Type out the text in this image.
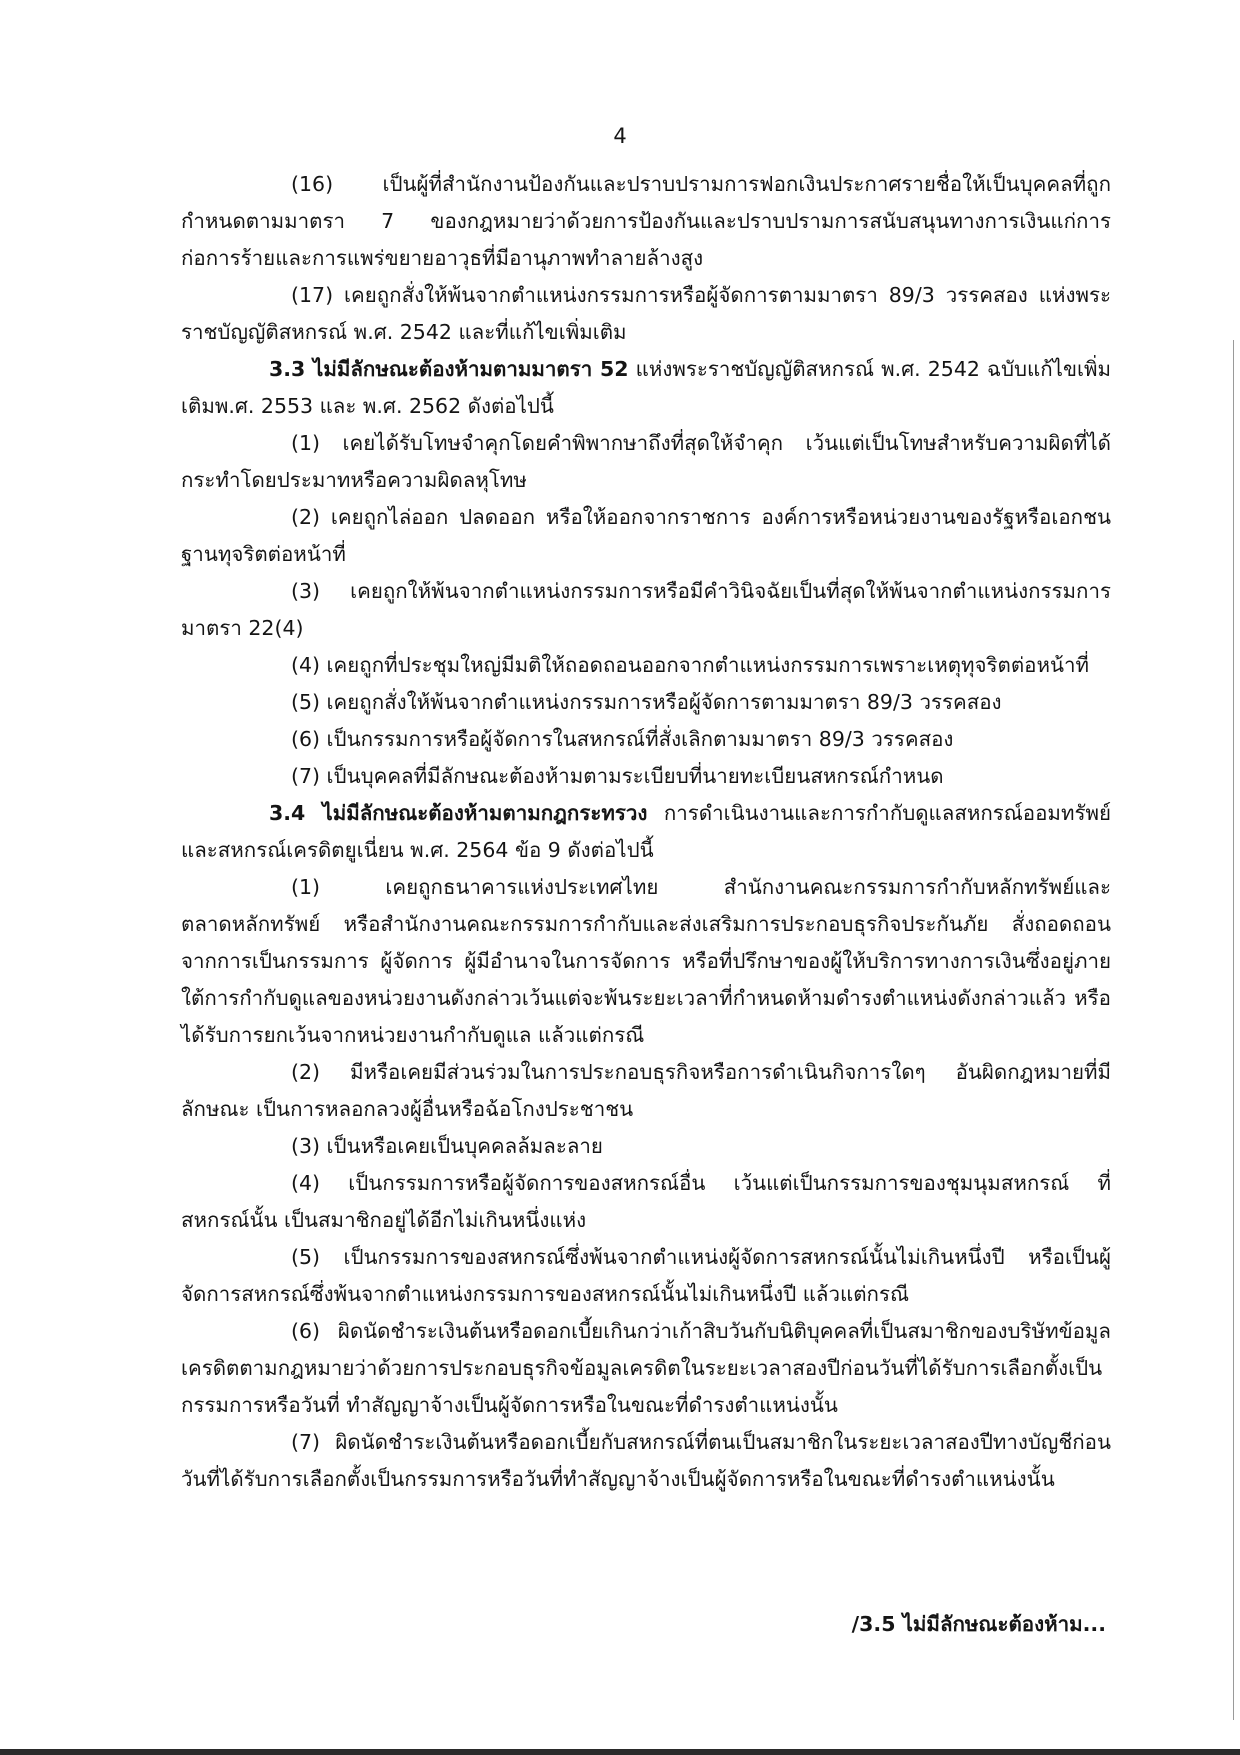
4

(16) เป็นผู้ที่สำนักงานป้องกันและปราบปรามการฟอกเงินประกาศรายชื่อให้เป็นบุคคลที่ถูกกำหนดตามมาตรา 7 ของกฎหมายว่าด้วยการป้องกันและปราบปรามการสนับสนุนทางการเงินแก่การก่อการร้ายและการแพร่ขยายอาวุธที่มีอานุภาพทำลายล้างสูง

(17) เคยถูกสั่งให้พ้นจากตำแหน่งกรรมการหรือผู้จัดการตามมาตรา 89/3 วรรคสอง แห่งพระราชบัญญัติสหกรณ์ พ.ศ. 2542 และที่แก้ไขเพิ่มเติม

3.3 ไม่มีลักษณะต้องห้ามตามมาตรา 52 แห่งพระราชบัญญัติสหกรณ์ พ.ศ. 2542 ฉบับแก้ไขเพิ่มเติมพ.ศ. 2553 และ พ.ศ. 2562 ดังต่อไปนี้

(1) เคยได้รับโทษจำคุกโดยคำพิพากษาถึงที่สุดให้จำคุก เว้นแต่เป็นโทษสำหรับความผิดที่ได้กระทำโดยประมาทหรือความผิดลหุโทษ

(2) เคยถูกไล่ออก ปลดออก หรือให้ออกจากราชการ องค์การหรือหน่วยงานของรัฐหรือเอกชนฐานทุจริตต่อหน้าที่

(3) เคยถูกให้พ้นจากตำแหน่งกรรมการหรือมีคำวินิจฉัยเป็นที่สุดให้พ้นจากตำแหน่งกรรมการมาตรา 22(4)

(4) เคยถูกที่ประชุมใหญ่มีมติให้ถอดถอนออกจากตำแหน่งกรรมการเพราะเหตุทุจริตต่อหน้าที่

(5) เคยถูกสั่งให้พ้นจากตำแหน่งกรรมการหรือผู้จัดการตามมาตรา 89/3 วรรคสอง

(6) เป็นกรรมการหรือผู้จัดการในสหกรณ์ที่สั่งเลิกตามมาตรา 89/3 วรรคสอง

(7) เป็นบุคคลที่มีลักษณะต้องห้ามตามระเบียบที่นายทะเบียนสหกรณ์กำหนด

3.4 ไม่มีลักษณะต้องห้ามตามกฎกระทรวง การดำเนินงานและการกำกับดูแลสหกรณ์ออมทรัพย์และสหกรณ์เครดิตยูเนี่ยน พ.ศ. 2564 ข้อ 9 ดังต่อไปนี้

(1) เคยถูกธนาคารแห่งประเทศไทย สำนักงานคณะกรรมการกำกับหลักทรัพย์และตลาดหลักทรัพย์ หรือสำนักงานคณะกรรมการกำกับและส่งเสริมการประกอบธุรกิจประกันภัย สั่งถอดถอนจากการเป็นกรรมการ ผู้จัดการ ผู้มีอำนาจในการจัดการ หรือที่ปรึกษาของผู้ให้บริการทางการเงินซึ่งอยู่ภายใต้การกำกับดูแลของหน่วยงานดังกล่าวเว้นแต่จะพ้นระยะเวลาที่กำหนดห้ามดำรงตำแหน่งดังกล่าวแล้ว หรือได้รับการยกเว้นจากหน่วยงานกำกับดูแล แล้วแต่กรณี

(2) มีหรือเคยมีส่วนร่วมในการประกอบธุรกิจหรือการดำเนินกิจการใดๆ อันผิดกฎหมายที่มีลักษณะ เป็นการหลอกลวงผู้อื่นหรือฉ้อโกงประชาชน

(3) เป็นหรือเคยเป็นบุคคลล้มละลาย

(4) เป็นกรรมการหรือผู้จัดการของสหกรณ์อื่น เว้นแต่เป็นกรรมการของชุมนุมสหกรณ์ ที่สหกรณ์นั้น เป็นสมาชิกอยู่ได้อีกไม่เกินหนึ่งแห่ง

(5) เป็นกรรมการของสหกรณ์ซึ่งพ้นจากตำแหน่งผู้จัดการสหกรณ์นั้นไม่เกินหนึ่งปี หรือเป็นผู้จัดการสหกรณ์ซึ่งพ้นจากตำแหน่งกรรมการของสหกรณ์นั้นไม่เกินหนึ่งปี แล้วแต่กรณี

(6) ผิดนัดชำระเงินต้นหรือดอกเบี้ยเกินกว่าเก้าสิบวันกับนิติบุคคลที่เป็นสมาชิกของบริษัทข้อมูลเครดิตตามกฎหมายว่าด้วยการประกอบธุรกิจข้อมูลเครดิตในระยะเวลาสองปีก่อนวันที่ได้รับการเลือกตั้งเป็นกรรมการหรือวันที่ ทำสัญญาจ้างเป็นผู้จัดการหรือในขณะที่ดำรงตำแหน่งนั้น

(7) ผิดนัดชำระเงินต้นหรือดอกเบี้ยกับสหกรณ์ที่ตนเป็นสมาชิกในระยะเวลาสองปีทางบัญชีก่อนวันที่ได้รับการเลือกตั้งเป็นกรรมการหรือวันที่ทำสัญญาจ้างเป็นผู้จัดการหรือในขณะที่ดำรงตำแหน่งนั้น

/3.5 ไม่มีลักษณะต้องห้าม...
